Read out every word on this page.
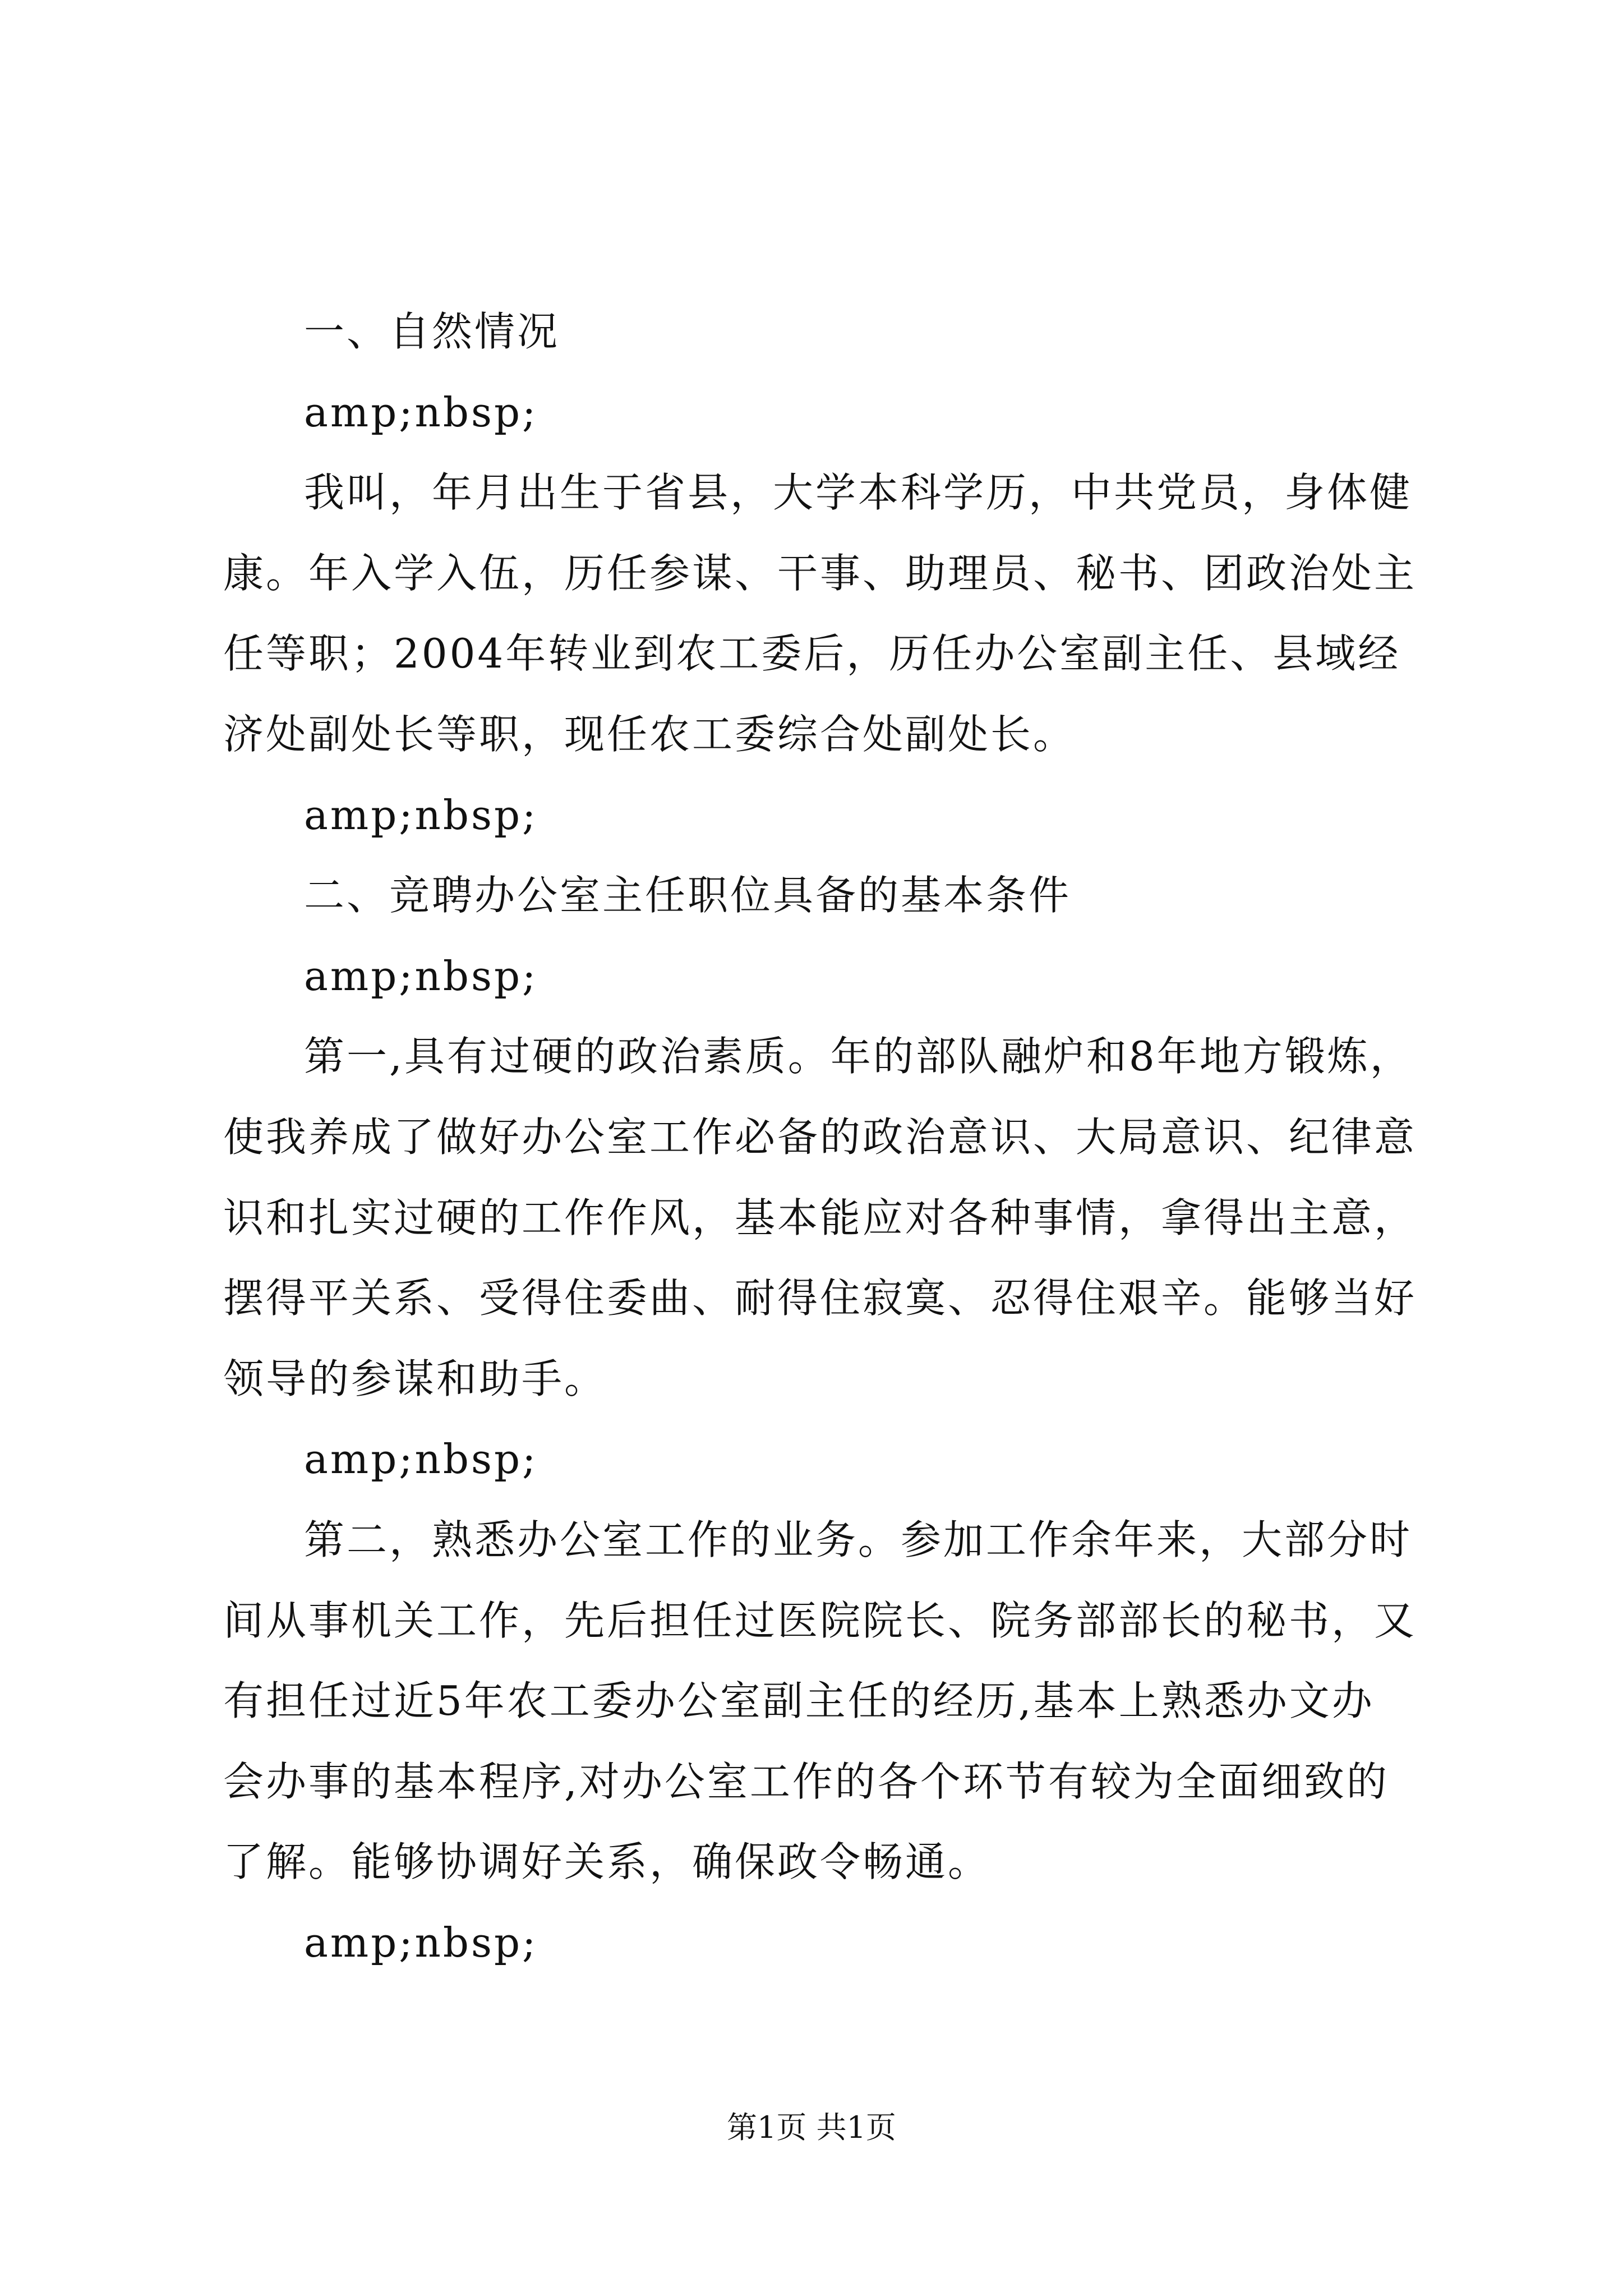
一、自然情况
amp;nbsp;
我叫，年月出生于省县，大学本科学历，中共党员，身体健
康。年入学入伍，历任参谋、干事、助理员、秘书、团政治处主
任等职；2004年转业到农工委后，历任办公室副主任、县域经
济处副处长等职，现任农工委综合处副处长。
amp;nbsp;
二、竞聘办公室主任职位具备的基本条件
amp;nbsp;
第一,具有过硬的政治素质。年的部队融炉和8年地方锻炼，
使我养成了做好办公室工作必备的政治意识、大局意识、纪律意
识和扎实过硬的工作作风，基本能应对各种事情，拿得出主意，
摆得平关系、受得住委曲、耐得住寂寞、忍得住艰辛。能够当好
领导的参谋和助手。
amp;nbsp;
第二，熟悉办公室工作的业务。参加工作余年来，大部分时
间从事机关工作，先后担任过医院院长、院务部部长的秘书，又
有担任过近5年农工委办公室副主任的经历,基本上熟悉办文办
会办事的基本程序,对办公室工作的各个环节有较为全面细致的
了解。能够协调好关系，确保政令畅通。
amp;nbsp;
第1页 共1页
